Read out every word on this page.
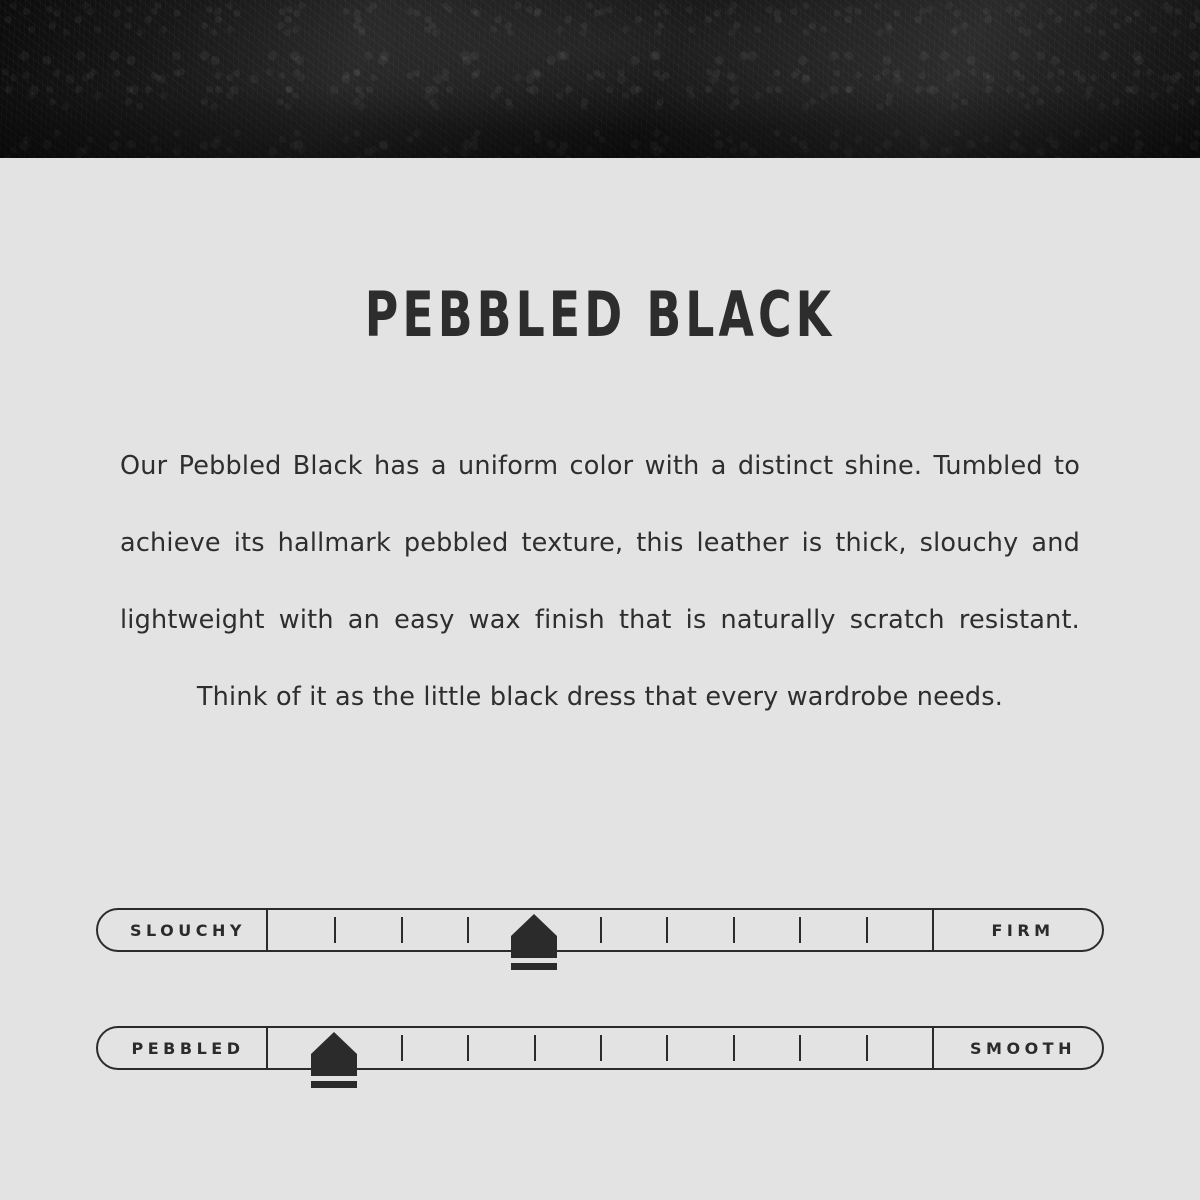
PEBBLED BLACK

Our Pebbled Black has a uniform color with a distinct shine. Tumbled to
achieve its hallmark pebbled texture, this leather is thick, slouchy and
lightweight with an easy wax finish that is naturally scratch resistant.
Think of it as the little black dress that every wardrobe needs.

SLOUCHY	FIRM
PEBBLED	SMOOTH
